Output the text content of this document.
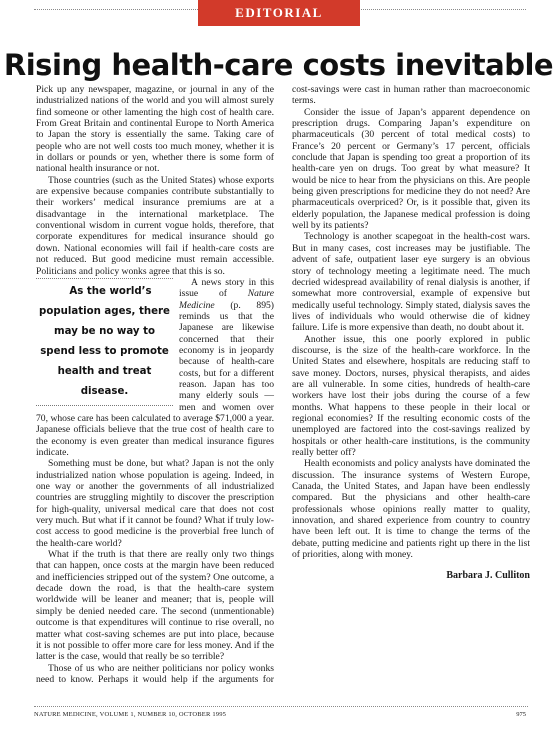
EDITORIAL
Rising health-care costs inevitable

Pick up any newspaper, magazine, or journal in any of the industrialized nations of the world and you will almost surely find someone or other lamenting the high cost of health care. From Great Britain and continental Europe to North America to Japan the story is essentially the same. Taking care of people who are not well costs too much money, whether it is in dollars or pounds or yen, whether there is some form of national health insurance or not.

Those countries (such as the United States) whose exports are expensive because companies contribute substantially to their workers’ medical insurance premiums are at a disadvantage in the international marketplace. The conventional wisdom in current vogue holds, therefore, that corporate expenditures for medical insurance should go down. National economies will fail if health-care costs are not reduced. But good medicine must remain accessible. Politicians and policy wonks agree that this is so.

As the world’s population ages, there may be no way to spend less to promote health and treat disease.
A news story in this issue of Nature Medicine (p. 895) reminds us that the Japanese are likewise concerned that their economy is in jeopardy because of health-care costs, but for a different reason. Japan has too many elderly souls — men and women over 70, whose care has been calculated to average $71,000 a year. Japanese officials believe that the true cost of health care to the economy is even greater than medical insurance figures indicate.

Something must be done, but what? Japan is not the only industrialized nation whose population is ageing. Indeed, in one way or another the governments of all industrialized countries are struggling mightily to discover the prescription for high-quality, universal medical care that does not cost very much. But what if it cannot be found? What if truly low-cost access to good medicine is the proverbial free lunch of the health-care world?

What if the truth is that there are really only two things that can happen, once costs at the margin have been reduced and inefficiencies stripped out of the system? One outcome, a decade down the road, is that the health-care system worldwide will be leaner and meaner; that is, people will simply be denied needed care. The second (unmentionable) outcome is that expenditures will continue to rise overall, no matter what cost-saving schemes are put into place, because it is not possible to offer more care for less money. And if the latter is the case, would that really be so terrible?

Those of us who are neither politicians nor policy wonks need to know. Perhaps it would help if the arguments for cost-savings were cast in human rather than macroeconomic terms.

Consider the issue of Japan’s apparent dependence on prescription drugs. Comparing Japan’s expenditure on pharmaceuticals (30 percent of total medical costs) to France’s 20 percent or Germany’s 17 percent, officials conclude that Japan is spending too great a proportion of its health-care yen on drugs. Too great by what measure? It would be nice to hear from the physicians on this. Are people being given prescriptions for medicine they do not need? Are pharmaceuticals overpriced? Or, is it possible that, given its elderly population, the Japanese medical profession is doing well by its patients?

Technology is another scapegoat in the health-cost wars. But in many cases, cost increases may be justifiable. The advent of safe, outpatient laser eye surgery is an obvious story of technology meeting a legitimate need. The much decried widespread availability of renal dialysis is another, if somewhat more controversial, example of expensive but medically useful technology. Simply stated, dialysis saves the lives of individuals who would otherwise die of kidney failure. Life is more expensive than death, no doubt about it.

Another issue, this one poorly explored in public discourse, is the size of the health-care workforce. In the United States and elsewhere, hospitals are reducing staff to save money. Doctors, nurses, physical therapists, and aides are all vulnerable. In some cities, hundreds of health-care workers have lost their jobs during the course of a few months. What happens to these people in their local or regional economies? If the resulting economic costs of the unemployed are factored into the cost-savings realized by hospitals or other health-care institutions, is the community really better off?

Health economists and policy analysts have dominated the discussion. The insurance systems of Western Europe, Canada, the United States, and Japan have been endlessly compared. But the physicians and other health-care professionals whose opinions really matter to quality, innovation, and shared experience from country to country have been left out. It is time to change the terms of the debate, putting medicine and patients right up there in the list of priorities, along with money.

Barbara J. Culliton
NATURE MEDICINE, VOLUME 1, NUMBER 10, OCTOBER 1995	975
